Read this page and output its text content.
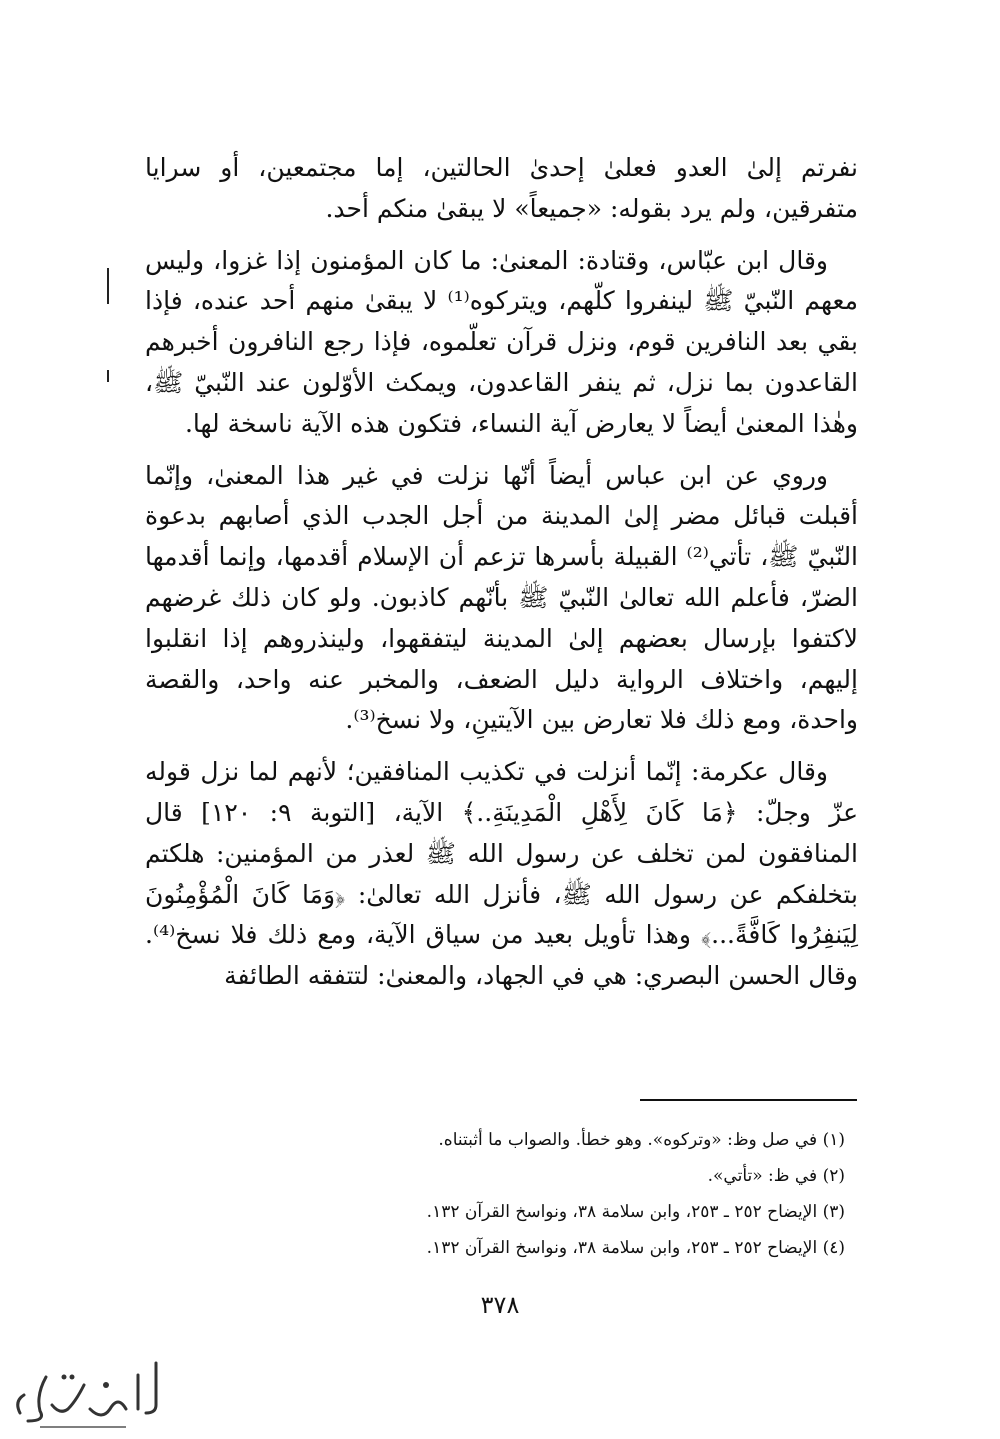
نفرتم إلىٰ العدو فعلىٰ إحدىٰ الحالتين، إما مجتمعين، أو سرايا متفرقين، ولم يرد بقوله: «جميعاً» لا يبقىٰ منكم أحد.

وقال ابن عبّاس، وقتادة: المعنىٰ: ما كان المؤمنون إذا غزوا، وليس معهم النّبيّ ﷺ لينفروا كلّهم، ويتركوه⁽¹⁾ لا يبقىٰ منهم أحد عنده، فإذا بقي بعد النافرين قوم، ونزل قرآن تعلّموه، فإذا رجع النافرون أخبرهم القاعدون بما نزل، ثم ينفر القاعدون، ويمكث الأوّلون عند النّبيّ ﷺ، وهٰذا المعنىٰ أيضاً لا يعارض آية النساء، فتكون هذه الآية ناسخة لها.

وروي عن ابن عباس أيضاً أنّها نزلت في غير هذا المعنىٰ، وإنّما أقبلت قبائل مضر إلىٰ المدينة من أجل الجدب الذي أصابهم بدعوة النّبيّ ﷺ، تأتي⁽²⁾ القبيلة بأسرها تزعم أن الإسلام أقدمها، وإنما أقدمها الضرّ، فأعلم الله تعالىٰ النّبيّ ﷺ بأنّهم كاذبون. ولو كان ذلك غرضهم لاكتفوا بإرسال بعضهم إلىٰ المدينة ليتفقهوا، ولينذروهم إذا انقلبوا إليهم، واختلاف الرواية دليل الضعف، والمخبر عنه واحد، والقصة واحدة، ومع ذلك فلا تعارض بين الآيتينِ، ولا نسخ⁽³⁾.

وقال عكرمة: إنّما أنزلت في تكذيب المنافقين؛ لأنهم لما نزل قوله عزّ وجلّ: ﴿مَا كَانَ لِأَهْلِ الْمَدِينَةِ..﴾ الآية، [التوبة ٩: ١٢٠] قال المنافقون لمن تخلف عن رسول الله ﷺ لعذر من المؤمنين: هلكتم بتخلفكم عن رسول الله ﷺ، فأنزل الله تعالىٰ: ﴿وَمَا كَانَ الْمُؤْمِنُونَ لِيَنفِرُوا كَافَّةً...﴾ وهذا تأويل بعيد من سياق الآية، ومع ذلك فلا نسخ⁽⁴⁾. وقال الحسن البصري: هي في الجهاد، والمعنىٰ: لتتفقه الطائفة

(١) في صل وظ: «وتركوه». وهو خطأ. والصواب ما أثبتناه.

(٢) في ظ: «تأتي».

(٣) الإيضاح ٢٥٢ ـ ٢٥٣، وابن سلامة ٣٨، ونواسخ القرآن ١٣٢.

(٤) الإيضاح ٢٥٢ ـ ٢٥٣، وابن سلامة ٣٨، ونواسخ القرآن ١٣٢.

٣٧٨
